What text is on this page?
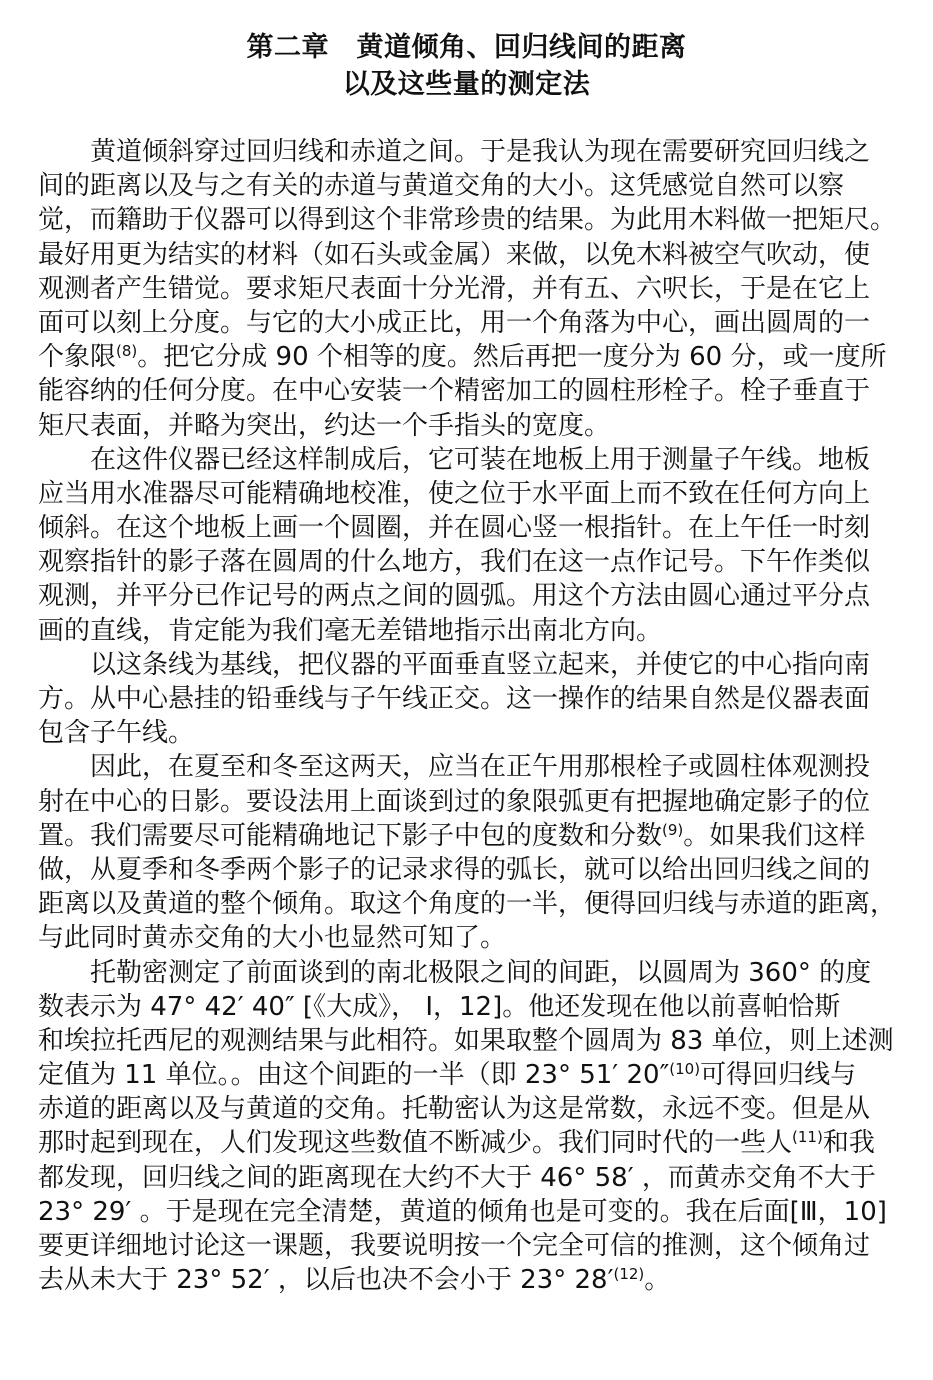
第二章　黄道倾角、回归线间的距离
以及这些量的测定法
黄道倾斜穿过回归线和赤道之间。于是我认为现在需要研究回归线之
间的距离以及与之有关的赤道与黄道交角的大小。这凭感觉自然可以察
觉，而籍助于仪器可以得到这个非常珍贵的结果。为此用木料做一把矩尺。
最好用更为结实的材料（如石头或金属）来做，以免木料被空气吹动，使
观测者产生错觉。要求矩尺表面十分光滑，并有五、六呎长，于是在它上
面可以刻上分度。与它的大小成正比，用一个角落为中心，画出圆周的一
个象限$^{(8)}$。把它分成 90 个相等的度。然后再把一度分为 60 分，或一度所
能容纳的任何分度。在中心安装一个精密加工的圆柱形栓子。栓子垂直于
矩尺表面，并略为突出，约达一个手指头的宽度。
在这件仪器已经这样制成后，它可装在地板上用于测量子午线。地板
应当用水准器尽可能精确地校准，使之位于水平面上而不致在任何方向上
倾斜。在这个地板上画一个圆圈，并在圆心竖一根指针。在上午任一时刻
观察指针的影子落在圆周的什么地方，我们在这一点作记号。下午作类似
观测，并平分已作记号的两点之间的圆弧。用这个方法由圆心通过平分点
画的直线，肯定能为我们毫无差错地指示出南北方向。
以这条线为基线，把仪器的平面垂直竖立起来，并使它的中心指向南
方。从中心悬挂的铅垂线与子午线正交。这一操作的结果自然是仪器表面
包含子午线。
因此，在夏至和冬至这两天，应当在正午用那根栓子或圆柱体观测投
射在中心的日影。要设法用上面谈到过的象限弧更有把握地确定影子的位
置。我们需要尽可能精确地记下影子中包的度数和分数$^{(9)}$。如果我们这样
做，从夏季和冬季两个影子的记录求得的弧长，就可以给出回归线之间的
距离以及黄道的整个倾角。取这个角度的一半，便得回归线与赤道的距离，
与此同时黄赤交角的大小也显然可知了。
托勒密测定了前面谈到的南北极限之间的间距，以圆周为 360° 的度
数表示为 47° 42′ 40″ [《大成》， Ⅰ，12]。他还发现在他以前喜帕恰斯
和埃拉托西尼的观测结果与此相符。如果取整个圆周为 83 单位，则上述测
定值为 11 单位。。由这个间距的一半（即 23° 51′ 20″$^{(10)}$可得回归线与
赤道的距离以及与黄道的交角。托勒密认为这是常数，永远不变。但是从
那时起到现在，人们发现这些数值不断减少。我们同时代的一些人$^{(11)}$和我
都发现，回归线之间的距离现在大约不大于 46° 58′ ，而黄赤交角不大于
23° 29′ 。于是现在完全清楚，黄道的倾角也是可变的。我在后面[Ⅲ，10]
要更详细地讨论这一课题，我要说明按一个完全可信的推测，这个倾角过
去从未大于 23° 52′ ，以后也决不会小于 23° $28'^{(12)}$。
